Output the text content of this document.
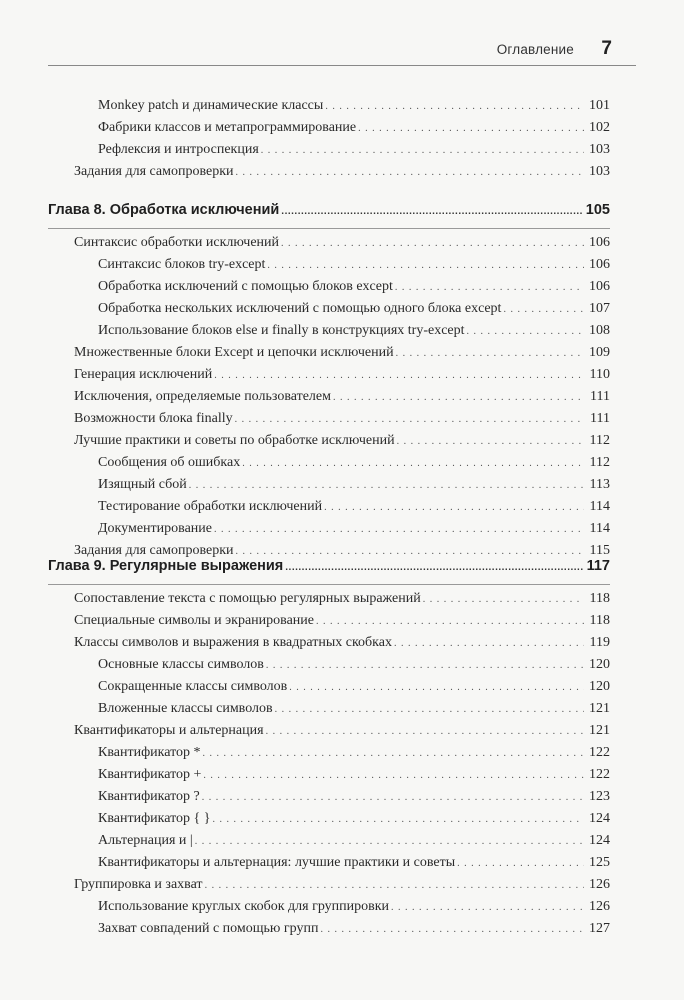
Оглавление 7
Monkey patch и динамические классы . . .	101
Фабрики классов и метапрограммирование . . .	102
Рефлексия и интроспекция . . .	103
Задания для самопроверки . . .	103
Глава 8. Обработка исключений .....	105
Синтаксис обработки исключений . . .	106
Синтаксис блоков try-except . . .	106
Обработка исключений с помощью блоков except . . .	106
Обработка нескольких исключений с помощью одного блока except . . .	107
Использование блоков else и finally в конструкциях try-except . . .	108
Множественные блоки Except и цепочки исключений . . .	109
Генерация исключений . . .	110
Исключения, определяемые пользователем . . .	111
Возможности блока finally . . .	111
Лучшие практики и советы по обработке исключений . . .	112
Сообщения об ошибках . . .	112
Изящный сбой . . .	113
Тестирование обработки исключений . . .	114
Документирование . . .	114
Задания для самопроверки . . .	115
Глава 9. Регулярные выражения .....	117
Сопоставление текста с помощью регулярных выражений . . .	118
Специальные символы и экранирование . . .	118
Классы символов и выражения в квадратных скобках . . .	119
Основные классы символов . . .	120
Сокращенные классы символов . . .	120
Вложенные классы символов . . .	121
Квантификаторы и альтернация . . .	121
Квантификатор * . . .	122
Квантификатор + . . .	122
Квантификатор ? . . .	123
Квантификатор { } . . .	124
Альтернация и | . . .	124
Квантификаторы и альтернация: лучшие практики и советы . . .	125
Группировка и захват . . .	126
Использование круглых скобок для группировки . . .	126
Захват совпадений с помощью групп . . .	127
